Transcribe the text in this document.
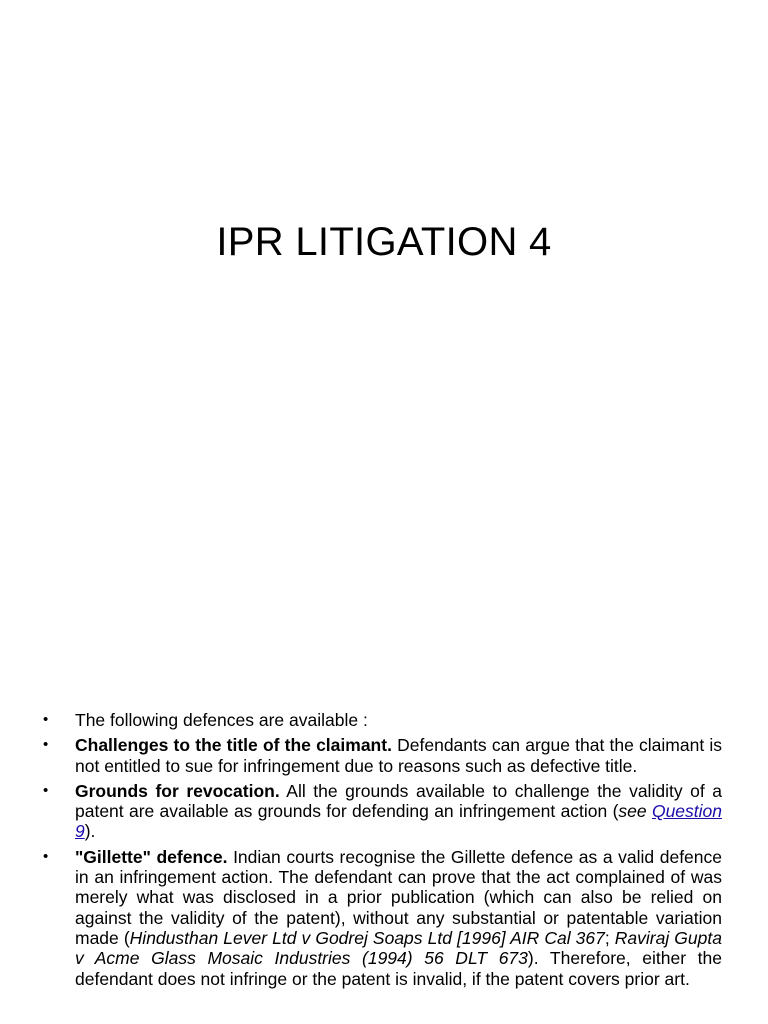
IPR LITIGATION 4
• The following defences are available :
• Challenges to the title of the claimant. Defendants can argue that the claimant is not entitled to sue for infringement due to reasons such as defective title.
• Grounds for revocation. All the grounds available to challenge the validity of a patent are available as grounds for defending an infringement action (see Question 9).
• "Gillette" defence. Indian courts recognise the Gillette defence as a valid defence in an infringement action. The defendant can prove that the act complained of was merely what was disclosed in a prior publication (which can also be relied on against the validity of the patent), without any substantial or patentable variation made (Hindusthan Lever Ltd v Godrej Soaps Ltd [1996] AIR Cal 367; Raviraj Gupta v Acme Glass Mosaic Industries (1994) 56 DLT 673). Therefore, either the defendant does not infringe or the patent is invalid, if the patent covers prior art.
